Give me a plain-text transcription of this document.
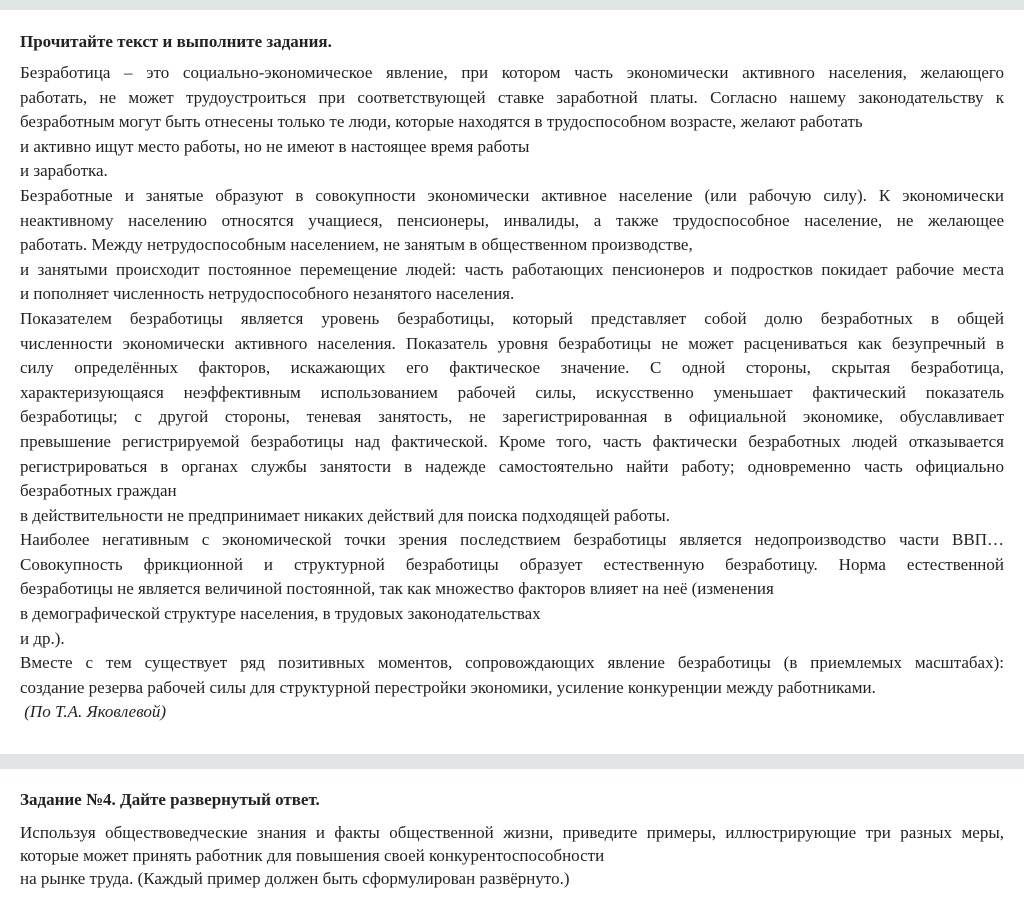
Прочитайте текст и выполните задания.
Безработица – это социально-экономическое явление, при котором часть экономически активного населения, желающего
работать, не может трудоустроиться при соответствующей ставке заработной платы. Согласно нашему законодательству к
безработным могут быть отнесены только те люди, которые находятся в трудоспособном возрасте, желают работать
и активно ищут место работы, но не имеют в настоящее время работы
и заработка.
Безработные и занятые образуют в совокупности экономически активное население (или рабочую силу). К экономически
неактивному населению относятся учащиеся, пенсионеры, инвалиды, а также трудоспособное население, не желающее
работать. Между нетрудоспособным населением, не занятым в общественном производстве,
и занятыми происходит постоянное перемещение людей: часть работающих пенсионеров и подростков покидает рабочие места
и пополняет численность нетрудоспособного незанятого населения.
Показателем безработицы является уровень безработицы, который представляет собой долю безработных в общей
численности экономически активного населения. Показатель уровня безработицы не может расцениваться как безупречный в
силу определённых факторов, искажающих его фактическое значение. С одной стороны, скрытая безработица,
характеризующаяся неэффективным использованием рабочей силы, искусственно уменьшает фактический показатель
безработицы; с другой стороны, теневая занятость, не зарегистрированная в официальной экономике, обуславливает
превышение регистрируемой безработицы над фактической. Кроме того, часть фактически безработных людей отказывается
регистрироваться в органах службы занятости в надежде самостоятельно найти работу; одновременно часть официально
безработных граждан
в действительности не предпринимает никаких действий для поиска подходящей работы.
Наиболее негативным с экономической точки зрения последствием безработицы является недопроизводство части ВВП…
Совокупность фрикционной и структурной безработицы образует естественную безработицу. Норма естественной
безработицы не является величиной постоянной, так как множество факторов влияет на неё (изменения
в демографической структуре населения, в трудовых законодательствах
и др.).
Вместе с тем существует ряд позитивных моментов, сопровождающих явление безработицы (в приемлемых масштабах):
создание резерва рабочей силы для структурной перестройки экономики, усиление конкуренции между работниками.
(По Т.А. Яковлевой)
Задание №4. Дайте развернутый ответ.
Используя обществоведческие знания и факты общественной жизни, приведите примеры, иллюстрирующие три разных меры,
которые может принять работник для повышения своей конкурентоспособности
на рынке труда. (Каждый пример должен быть сформулирован развёрнуто.)
